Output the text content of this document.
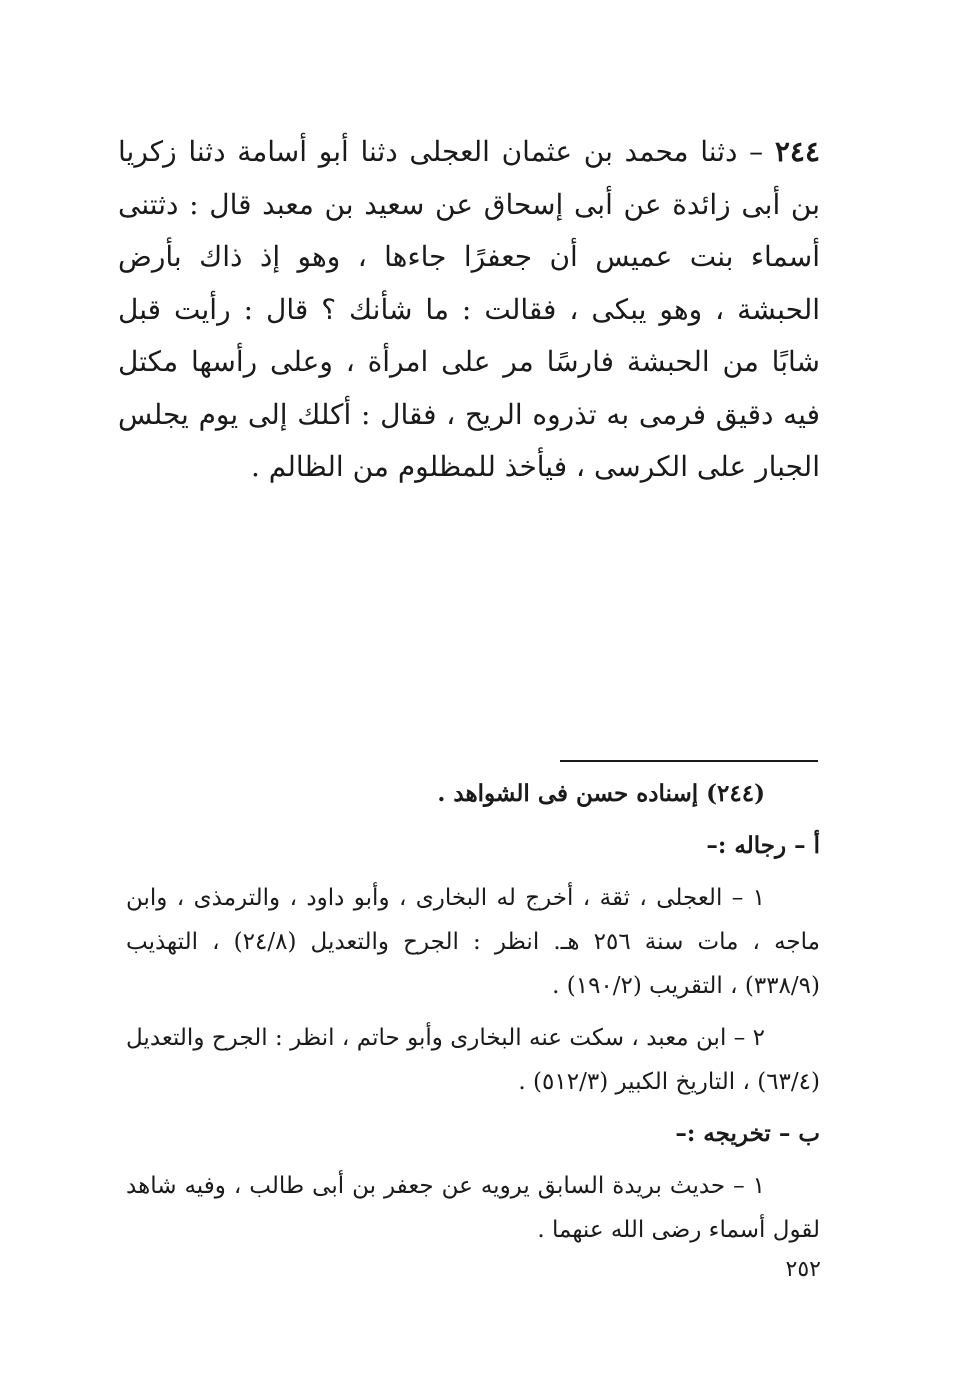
٢٤٤ – دثنا محمد بن عثمان العجلى دثنا أبو أسامة دثنا زكريا بن أبى زائدة عن أبى إسحاق عن سعيد بن معبد قال : دثتنى أسماء بنت عميس أن جعفرًا جاءها ، وهو إذ ذاك بأرض الحبشة ، وهو يبكى ، فقالت : ما شأنك ؟ قال : رأيت قبل شابًا من الحبشة فارسًا مر على امرأة ، وعلى رأسها مكتل فيه دقيق فرمى به تذروه الريح ، فقال : أكلك إلى يوم يجلس الجبار على الكرسى ، فيأخذ للمظلوم من الظالم .

(٢٤٤) إسناده حسن فى الشواهد .

أ – رجاله :–

١ – العجلى ، ثقة ، أخرج له البخارى ، وأبو داود ، والترمذى ، وابن ماجه ، مات سنة ٢٥٦ هـ. انظر : الجرح والتعديل (٢٤/٨) ، التهذيب (٣٣٨/٩) ، التقريب (١٩٠/٢) .

٢ – ابن معبد ، سكت عنه البخارى وأبو حاتم ، انظر : الجرح والتعديل (٦٣/٤) ، التاريخ الكبير (٥١٢/٣) .

ب – تخريجه :–

١ – حديث بريدة السابق يرويه عن جعفر بن أبى طالب ، وفيه شاهد لقول أسماء رضى الله عنهما .

٢٥٢
